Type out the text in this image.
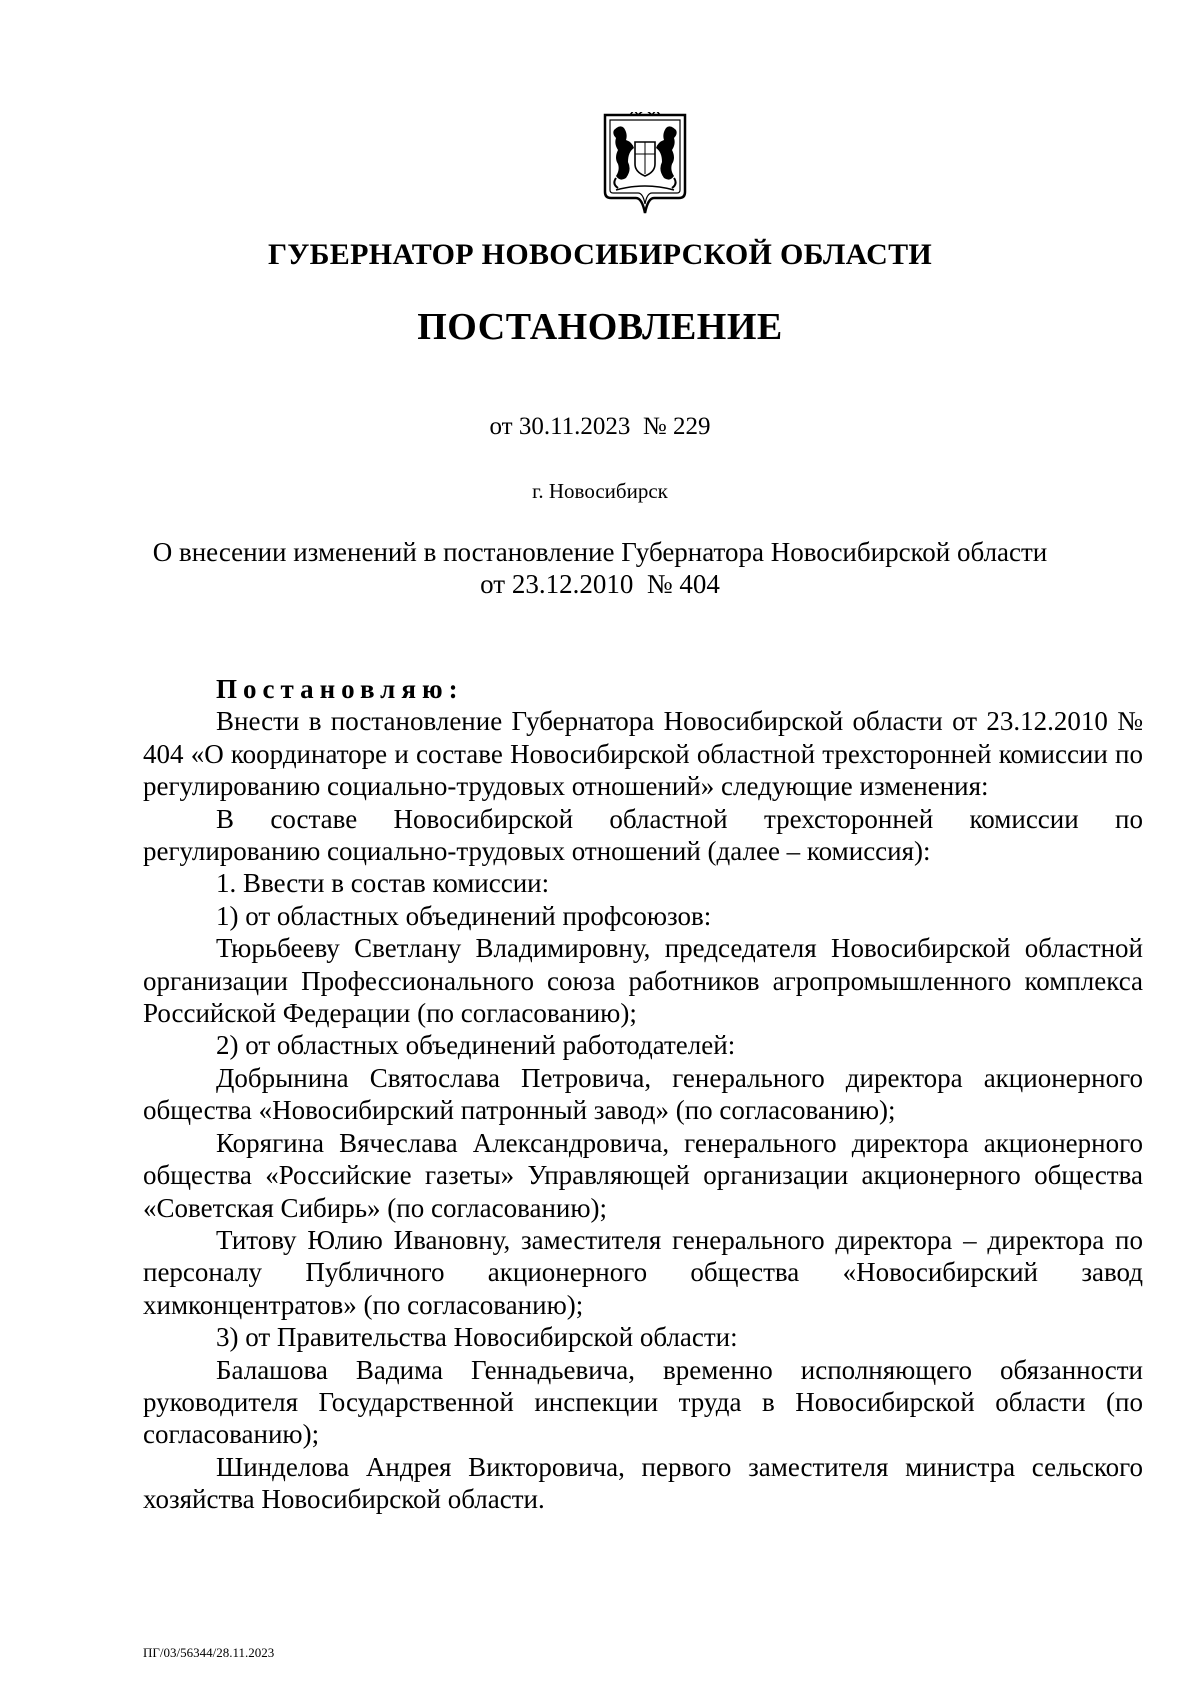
ГУБЕРНАТОР НОВОСИБИРСКОЙ ОБЛАСТИ
ПОСТАНОВЛЕНИЕ
от 30.11.2023  № 229
г. Новосибирск
О внесении изменений в постановление Губернатора Новосибирской области
от 23.12.2010  № 404

Постановляю:

Внести в постановление Губернатора Новосибирской области от 23.12.2010 № 404 «О координаторе и составе Новосибирской областной трехсторонней комиссии по регулированию социально-трудовых отношений» следующие изменения:

В составе Новосибирской областной трехсторонней комиссии по регулированию социально-трудовых отношений (далее – комиссия):

1. Ввести в состав комиссии:

1) от областных объединений профсоюзов:

Тюрьбееву Светлану Владимировну, председателя Новосибирской областной организации Профессионального союза работников агропромышленного комплекса Российской Федерации (по согласованию);

2) от областных объединений работодателей:

Добрынина Святослава Петровича, генерального директора акционерного общества «Новосибирский патронный завод» (по согласованию);

Корягина Вячеслава Александровича, генерального директора акционерного общества «Российские газеты» Управляющей организации акционерного общества «Советская Сибирь» (по согласованию);

Титову Юлию Ивановну, заместителя генерального директора – директора по персоналу Публичного акционерного общества «Новосибирский завод химконцентратов» (по согласованию);

3) от Правительства Новосибирской области:

Балашова Вадима Геннадьевича, временно исполняющего обязанности руководителя Государственной инспекции труда в Новосибирской области (по согласованию);

Шинделова Андрея Викторовича, первого заместителя министра сельского хозяйства Новосибирской области.

ПГ/03/56344/28.11.2023
